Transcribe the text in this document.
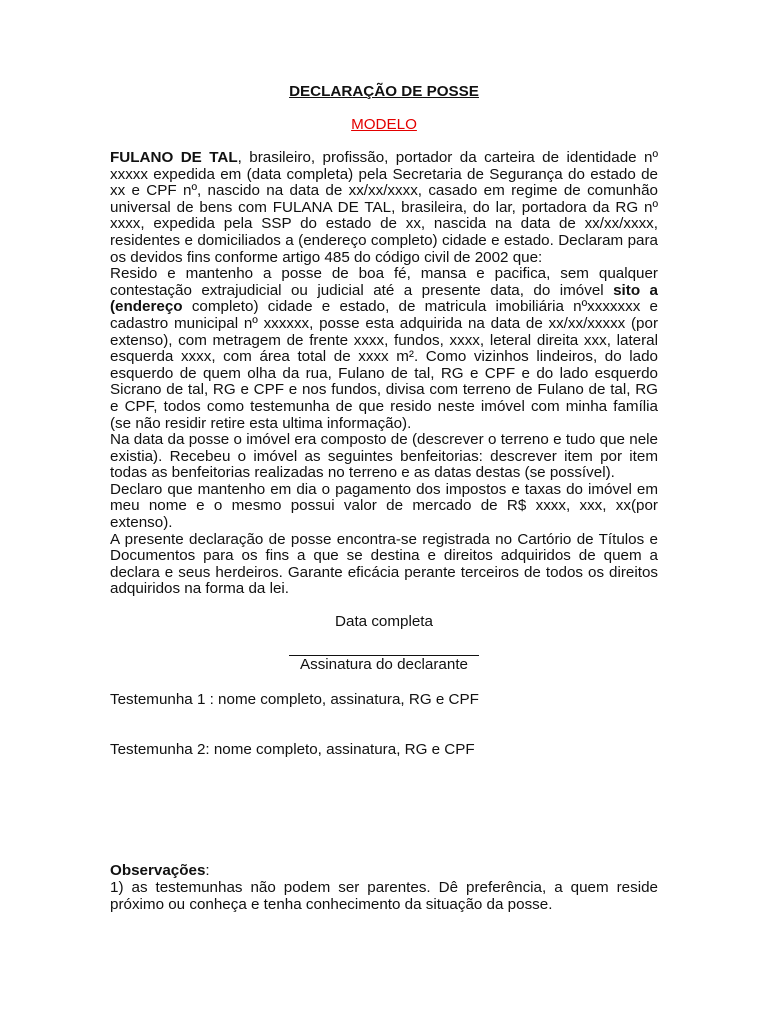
DECLARAÇÃO DE POSSE

MODELO

FULANO DE TAL, brasileiro, profissão, portador da carteira de identidade nº xxxxx expedida em (data completa) pela Secretaria de Segurança do estado de xx e CPF nº, nascido na data de xx/xx/xxxx, casado em regime de comunhão universal de bens com FULANA DE TAL, brasileira, do lar, portadora da RG nº xxxx, expedida pela SSP do estado de xx, nascida na data de xx/xx/xxxx, residentes e domiciliados a (endereço completo) cidade e estado. Declaram para os devidos fins conforme artigo 485 do código civil de 2002 que:

Resido e mantenho a posse de boa fé, mansa e pacifica, sem qualquer contestação extrajudicial ou judicial até a presente data, do imóvel sito a (endereço completo) cidade e estado, de matricula imobiliária nºxxxxxxx e cadastro municipal nº xxxxxx, posse esta adquirida na data de xx/xx/xxxxx (por extenso), com metragem de frente xxxx, fundos, xxxx, leteral direita xxx, lateral esquerda xxxx, com área total de xxxx m². Como vizinhos lindeiros, do lado esquerdo de quem olha da rua, Fulano de tal, RG e CPF e do lado esquerdo Sicrano de tal, RG e CPF e nos fundos, divisa com terreno de Fulano de tal, RG e CPF, todos como testemunha de que resido neste imóvel com minha família (se não residir retire esta ultima informação).

Na data da posse o imóvel era composto de (descrever o terreno e tudo que nele existia). Recebeu o imóvel as seguintes benfeitorias: descrever item por item todas as benfeitorias realizadas no terreno e as datas destas (se possível).

Declaro que mantenho em dia o pagamento dos impostos e taxas do imóvel em meu nome e o mesmo possui valor de mercado de R$ xxxx, xxx, xx(por extenso).

A presente declaração de posse encontra-se registrada no Cartório de Títulos e Documentos para os fins a que se destina e direitos adquiridos de quem a declara e seus herdeiros. Garante eficácia perante terceiros de todos os direitos adquiridos na forma da lei.

Data completa

Assinatura do declarante

Testemunha 1 : nome completo, assinatura, RG e CPF

Testemunha 2: nome completo, assinatura, RG e CPF

Observações:

1) as testemunhas não podem ser parentes. Dê preferência, a quem reside próximo ou conheça e tenha conhecimento da situação da posse.
